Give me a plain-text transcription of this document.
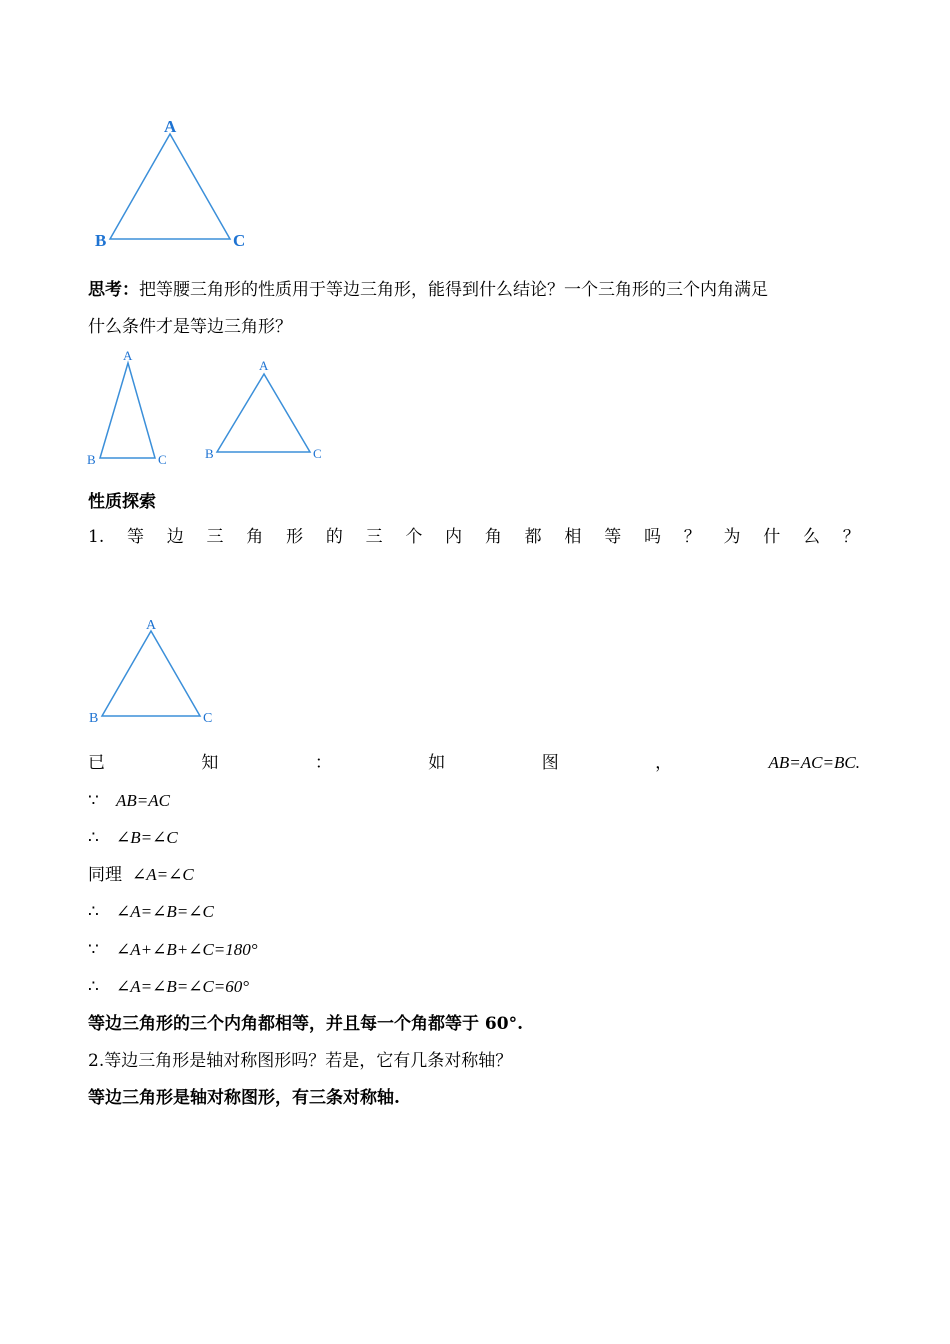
A
B	C
思考：把等腰三角形的性质用于等边三角形，能得到什么结论？一个三角形的三个内角满足
什么条件才是等边三角形？
A
B	C
A
B	C
性质探索
1. 等 边 三 角 形 的 三 个 内 角 都 相 等 吗 ？ 为 什 么 ？
A
B	C
已	知	：	如	图	，	AB=AC=BC.
∵ AB=AC
∴ ∠B=∠C
同理 ∠A=∠C
∴ ∠A=∠B=∠C
∵ ∠A+∠B+∠C=180°
∴ ∠A=∠B=∠C=60°
等边三角形的三个内角都相等，并且每一个角都等于 60°.
2.等边三角形是轴对称图形吗？若是，它有几条对称轴？
等边三角形是轴对称图形，有三条对称轴.
